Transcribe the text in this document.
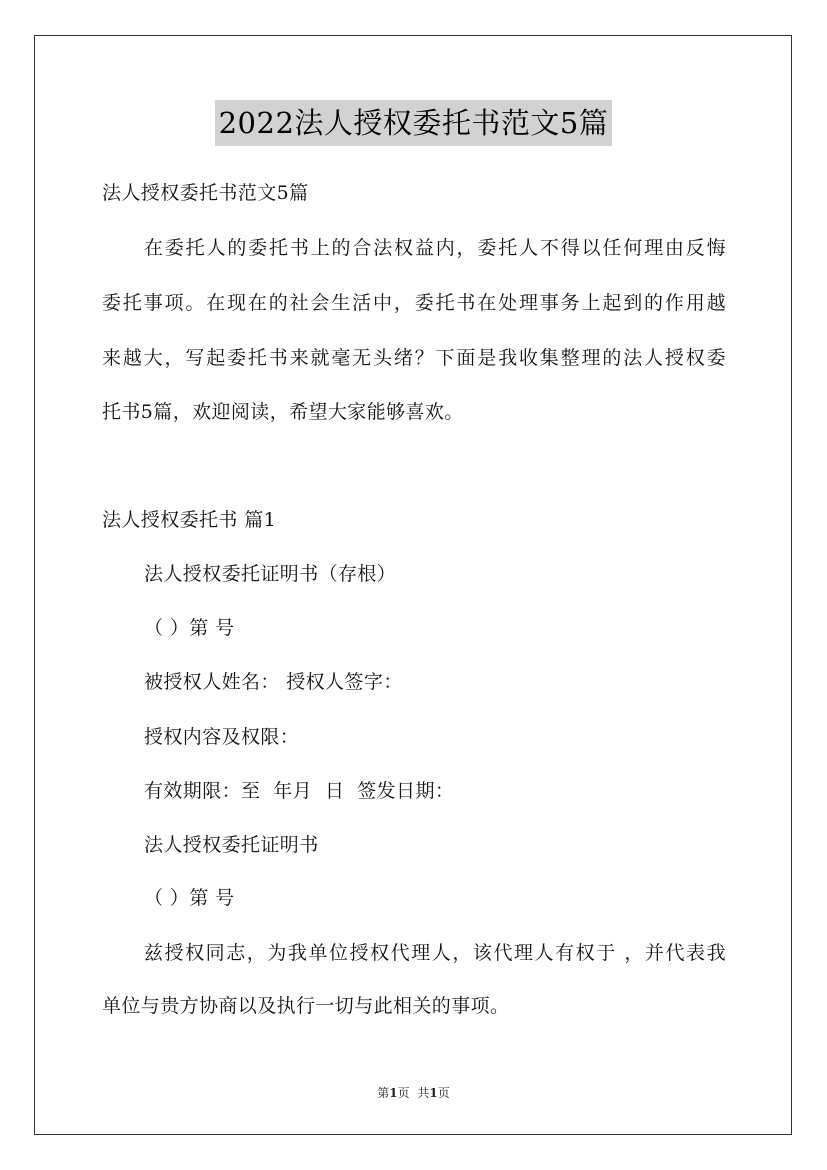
2022法人授权委托书范文5篇
法人授权委托书范文5篇
在委托人的委托书上的合法权益内，委托人不得以任何理由反悔
委托事项。在现在的社会生活中，委托书在处理事务上起到的作用越
来越大，写起委托书来就毫无头绪？下面是我收集整理的法人授权委
托书5篇，欢迎阅读，希望大家能够喜欢。
法人授权委托书 篇1
法人授权委托证明书（存根）
（ ）第 号
被授权人姓名： 授权人签字：
授权内容及权限：
有效期限：至  年月  日  签发日期：
法人授权委托证明书
（ ）第 号
兹授权同志，为我单位授权代理人，该代理人有权于 ，并代表我
单位与贵方协商以及执行一切与此相关的事项。
第1页 共1页
